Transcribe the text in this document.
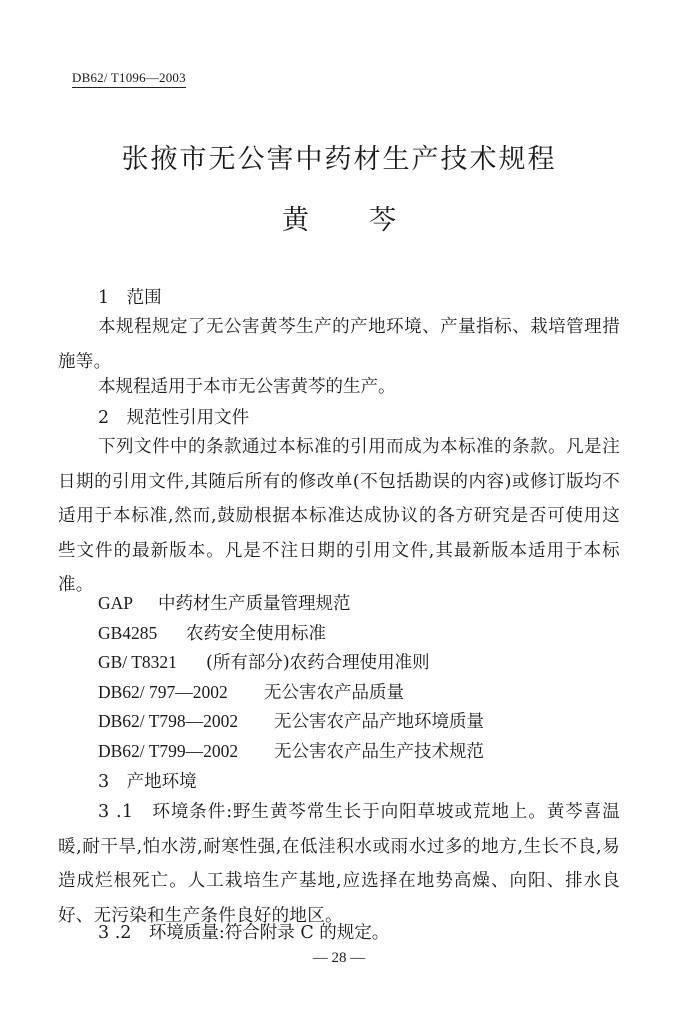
DB62/ T1096—2003
张掖市无公害中药材生产技术规程
黄 芩
1　范围
本规程规定了无公害黄芩生产的产地环境、产量指标、栽培管理措施等。
本规程适用于本市无公害黄芩的生产。
2　规范性引用文件
下列文件中的条款通过本标准的引用而成为本标准的条款。凡是注日期的引用文件,其随后所有的修改单(不包括勘误的内容)或修订版均不适用于本标准,然而,鼓励根据本标准达成协议的各方研究是否可使用这些文件的最新版本。凡是不注日期的引用文件,其最新版本适用于本标准。
GAP 中药材生产质量管理规范
GB4285 农药安全使用标准
GB/ T8321 (所有部分)农药合理使用准则
DB62/ 797—2002 无公害农产品质量
DB62/ T798—2002 无公害农产品产地环境质量
DB62/ T799—2002 无公害农产品生产技术规范
3　产地环境
3 .1　环境条件:野生黄芩常生长于向阳草坡或荒地上。黄芩喜温暖,耐干旱,怕水涝,耐寒性强,在低洼积水或雨水过多的地方,生长不良,易造成烂根死亡。人工栽培生产基地,应选择在地势高燥、向阳、排水良好、无污染和生产条件良好的地区。
3 .2　环境质量:符合附录 C 的规定。
— 28 —
